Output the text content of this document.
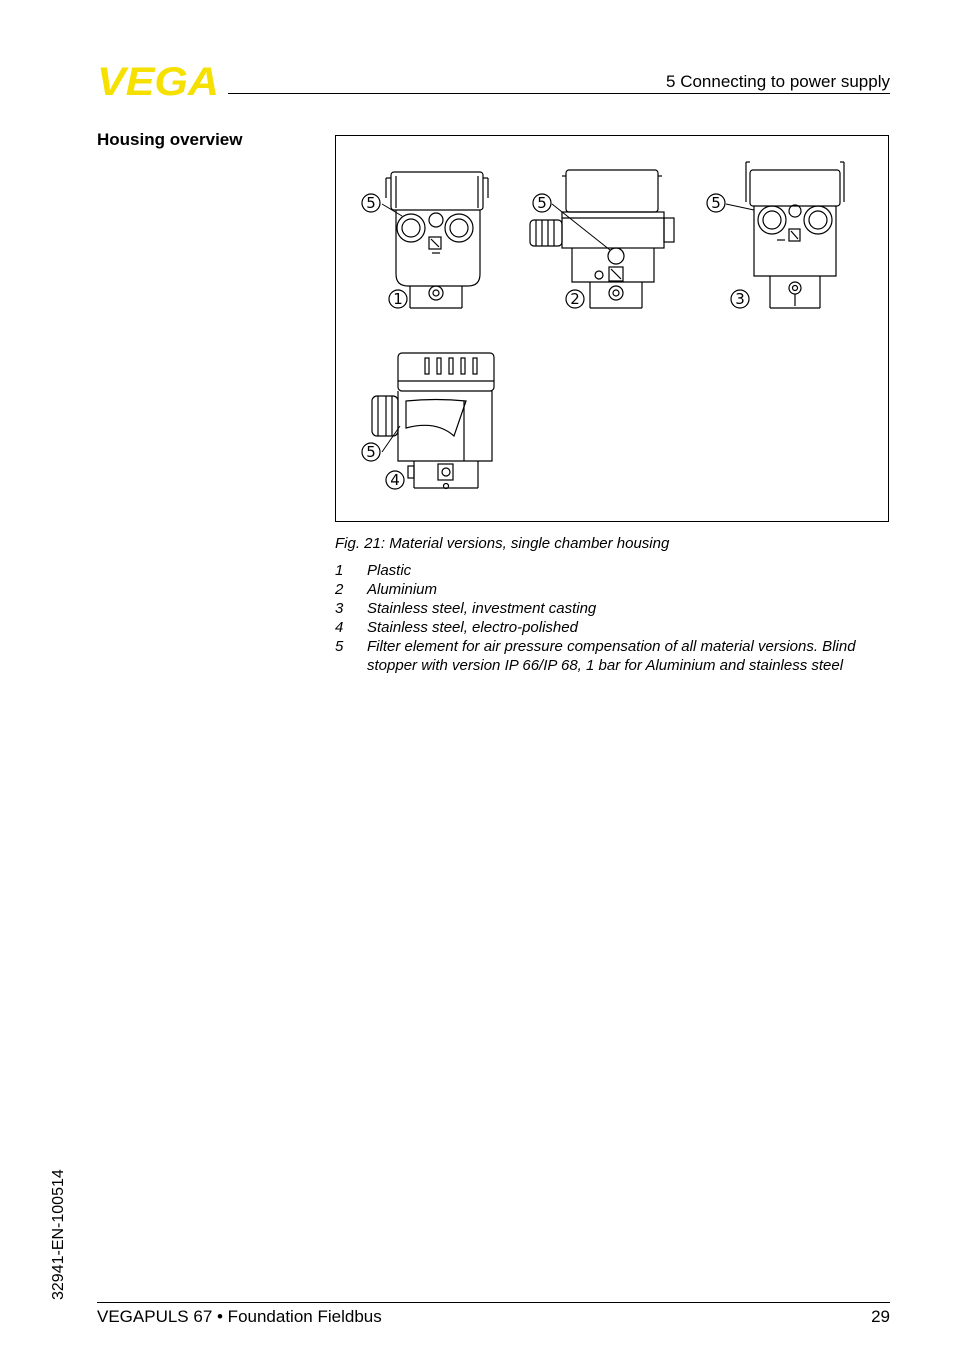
VEGA	5 Connecting to power supply
Housing overview
5	5	5
1	2	3
5
4
Fig. 21: Material versions, single chamber housing
1	Plastic
2	Aluminium
3	Stainless steel, investment casting
4	Stainless steel, electro-polished
5	Filter element for air pressure compensation of all material versions. Blind stopper with version IP 66/IP 68, 1 bar for Aluminium and stainless steel
32941-EN-100514
VEGAPULS 67 • Foundation Fieldbus	29
